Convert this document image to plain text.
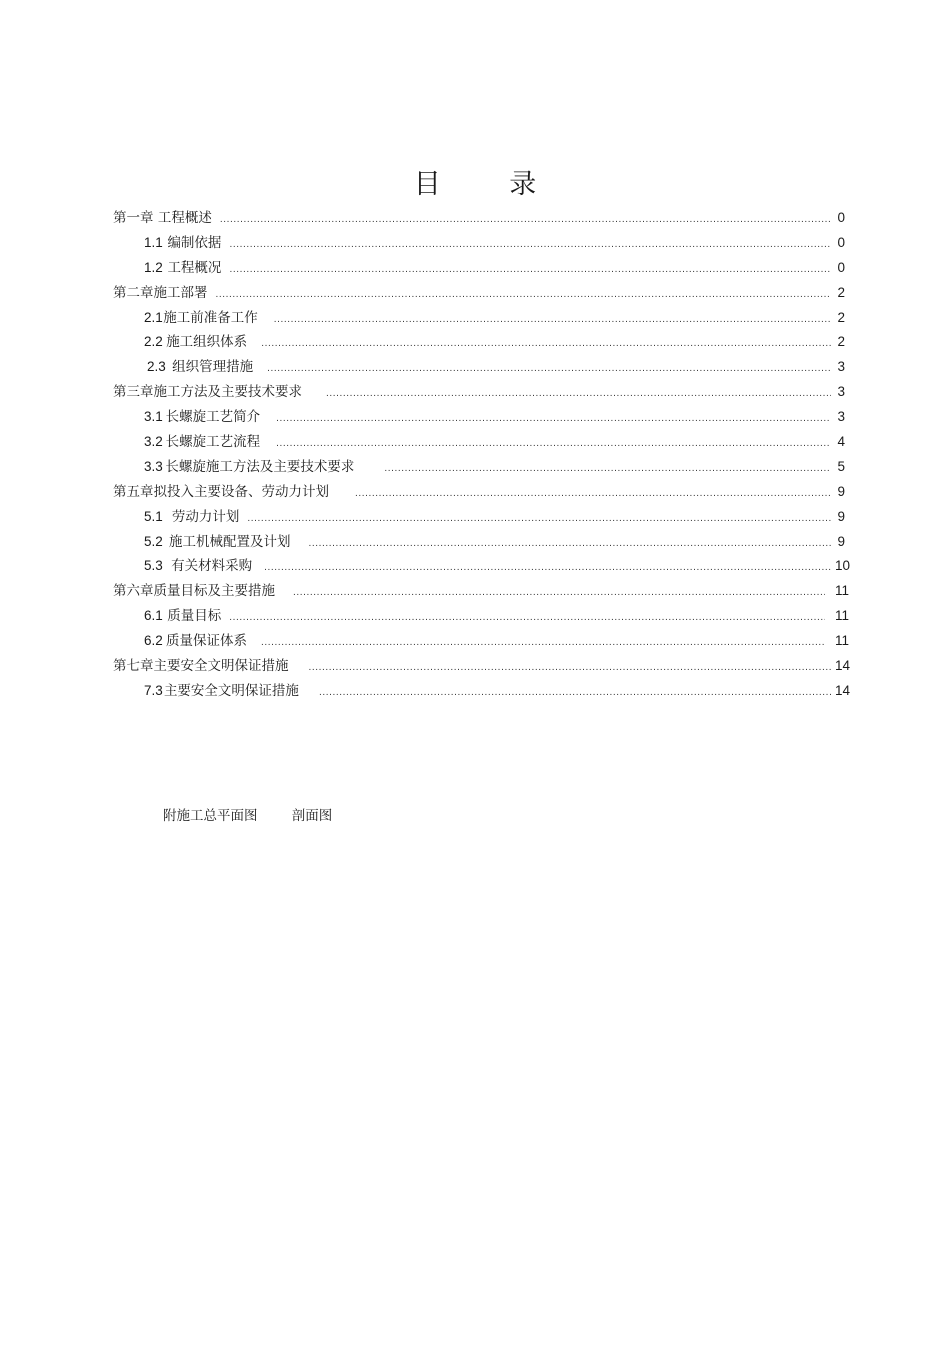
目 录
第一章 工程概述 .....	0
1.1 编制依据 .....	0
1.2 工程概况 .....	0
第二章 施工部署 .....	2
2.1 施工前准备工作 .....	2
2.2 施工组织体系 .....	2
2.3 组织管理措施 .....	3
第三章 施工方法及主要技术要求 .....	3
3.1 长螺旋工艺简介 .....	3
3.2 长螺旋工艺流程 .....	4
3.3 长螺旋施工方法及主要技术要求 .....	5
第五章 拟投入主要设备、劳动力计划 .....	9
5.1 劳动力计划 .....	9
5.2 施工机械配置及计划 .....	9
5.3 有关材料采购 .....	10
第六章 质量目标及主要措施 .....	11
6.1 质量目标 .....	11
6.2 质量保证体系 .....	11
第七章 主要安全文明保证措施 .....	14
7.3 主要安全文明保证措施 .....	14
附施工总平面图	剖面图
